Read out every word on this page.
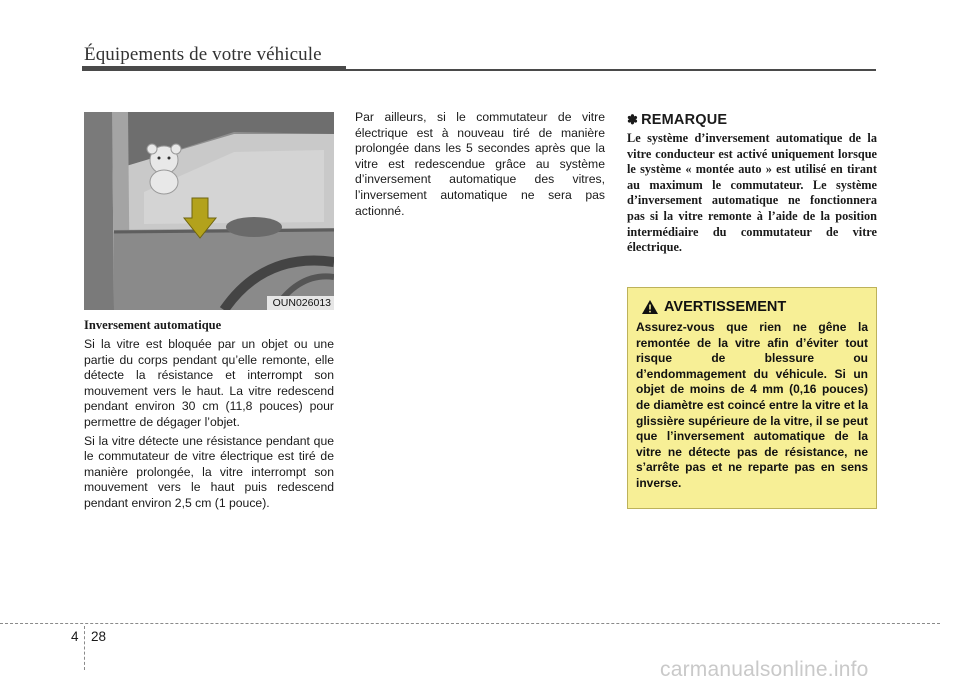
Équipements de votre véhicule
OUN026013

Inversement automatique

Si la vitre est bloquée par un objet ou une partie du corps pendant qu’elle remonte, elle détecte la résistance et interrompt son mouvement vers le haut. La vitre redescend pendant environ 30 cm (11,8 pouces) pour permettre de dégager l’objet.

Si la vitre détecte une résistance pendant que le commutateur de vitre électrique est tiré de manière prolongée, la vitre interrompt son mouvement vers le haut puis redescend pendant environ 2,5 cm (1 pouce).

Par ailleurs, si le commutateur de vitre électrique est à nouveau tiré de manière prolongée dans les 5 secondes après que la vitre est redescendue grâce au système d’inversement automatique des vitres, l’inversement automatique ne sera pas actionné.

✽ REMARQUE

Le système d’inversement automatique de la vitre conducteur est activé uniquement lorsque le système « montée auto » est utilisé en tirant au maximum le commutateur. Le système d’inversement automatique ne fonctionnera pas si la vitre remonte à l’aide de la position intermédiaire du commutateur de vitre électrique.

AVERTISSEMENT

Assurez-vous que rien ne gêne la remontée de la vitre afin d’éviter tout risque de blessure ou d’endommagement du véhicule. Si un objet de moins de 4 mm (0,16 pouces) de diamètre est coincé entre la vitre et la glissière supérieure de la vitre, il se peut que l’inversement automatique de la vitre ne détecte pas de résistance, ne s’arrête pas et ne reparte pas en sens inverse.

4 28
carmanualsonline.info
